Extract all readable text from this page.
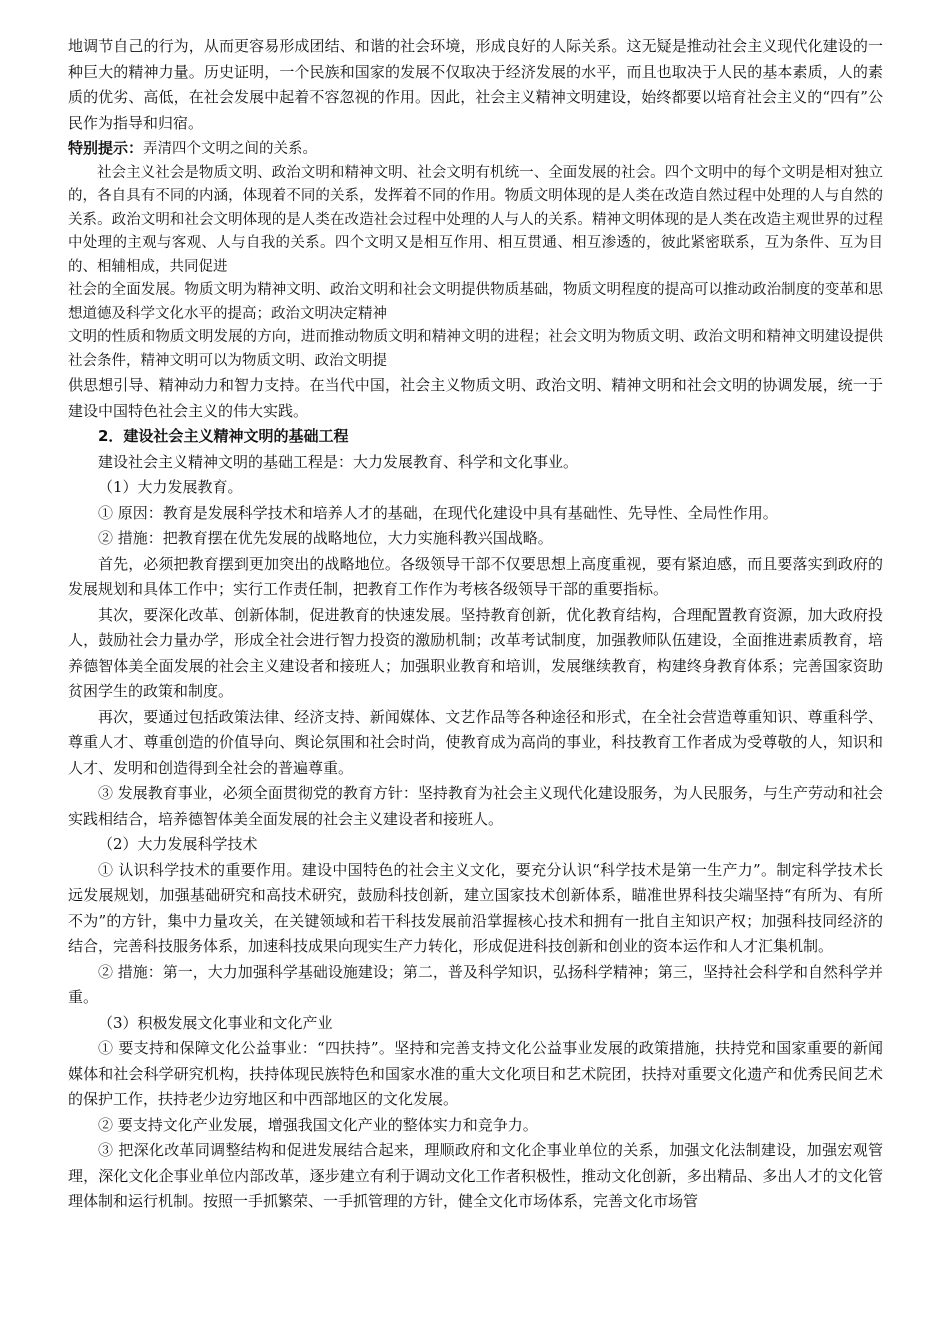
地调节自己的行为，从而更容易形成团结、和谐的社会环境，形成良好的人际关系。这无疑是推动社会主义现代化建设的一种巨大的精神力量。历史证明，一个民族和国家的发展不仅取决于经济发展的水平，而且也取决于人民的基本素质，人的素质的优劣、高低，在社会发展中起着不容忽视的作用。因此，社会主义精神文明建设，始终都要以培育社会主义的“四有”公民作为指导和归宿。

特别提示：弄清四个文明之间的关系。

社会主义社会是物质文明、政治文明和精神文明、社会文明有机统一、全面发展的社会。四个文明中的每个文明是相对独立的，各自具有不同的内涵，体现着不同的关系，发挥着不同的作用。物质文明体现的是人类在改造自然过程中处理的人与自然的关系。政治文明和社会文明体现的是人类在改造社会过程中处理的人与人的关系。精神文明体现的是人类在改造主观世界的过程中处理的主观与客观、人与自我的关系。四个文明又是相互作用、相互贯通、相互渗透的，彼此紧密联系，互为条件、互为目的、相辅相成，共同促进

社会的全面发展。物质文明为精神文明、政治文明和社会文明提供物质基础，物质文明程度的提高可以推动政治制度的变革和思想道德及科学文化水平的提高；政治文明决定精神

文明的性质和物质文明发展的方向，进而推动物质文明和精神文明的进程；社会文明为物质文明、政治文明和精神文明建设提供社会条件，精神文明可以为物质文明、政治文明提

供思想引导、精神动力和智力支持。在当代中国，社会主义物质文明、政治文明、精神文明和社会文明的协调发展，统一于建设中国特色社会主义的伟大实践。

2．建设社会主义精神文明的基础工程

建设社会主义精神文明的基础工程是：大力发展教育、科学和文化事业。

（1）大力发展教育。

① 原因：教育是发展科学技术和培养人才的基础，在现代化建设中具有基础性、先导性、全局性作用。

② 措施：把教育摆在优先发展的战略地位，大力实施科教兴国战略。

首先，必须把教育摆到更加突出的战略地位。各级领导干部不仅要思想上高度重视，要有紧迫感，而且要落实到政府的发展规划和具体工作中；实行工作责任制，把教育工作作为考核各级领导干部的重要指标。

其次，要深化改革、创新体制，促进教育的快速发展。坚持教育创新，优化教育结构，合理配置教育资源，加大政府投人，鼓励社会力量办学，形成全社会进行智力投资的激励机制；改革考试制度，加强教师队伍建设，全面推进素质教育，培养德智体美全面发展的社会主义建设者和接班人；加强职业教育和培训，发展继续教育，构建终身教育体系；完善国家资助贫困学生的政策和制度。

再次，要通过包括政策法律、经济支持、新闻媒体、文艺作品等各种途径和形式，在全社会营造尊重知识、尊重科学、尊重人才、尊重创造的价值导向、舆论氛围和社会时尚，使教育成为高尚的事业，科技教育工作者成为受尊敬的人，知识和人才、发明和创造得到全社会的普遍尊重。

③ 发展教育事业，必须全面贯彻党的教育方针：坚持教育为社会主义现代化建设服务，为人民服务，与生产劳动和社会实践相结合，培养德智体美全面发展的社会主义建设者和接班人。

（2）大力发展科学技术

① 认识科学技术的重要作用。建设中国特色的社会主义文化，要充分认识“科学技术是第一生产力”。制定科学技术长远发展规划，加强基础研究和高技术研究，鼓励科技创新，建立国家技术创新体系，瞄准世界科技尖端坚持“有所为、有所不为”的方针，集中力量攻关，在关键领域和若干科技发展前沿掌握核心技术和拥有一批自主知识产权；加强科技同经济的结合，完善科技服务体系，加速科技成果向现实生产力转化，形成促进科技创新和创业的资本运作和人才汇集机制。

② 措施：第一，大力加强科学基础设施建设；第二，普及科学知识，弘扬科学精神；第三，坚持社会科学和自然科学并重。

（3）积极发展文化事业和文化产业

① 要支持和保障文化公益事业：“四扶持”。坚持和完善支持文化公益事业发展的政策措施，扶持党和国家重要的新闻媒体和社会科学研究机构，扶持体现民族特色和国家水准的重大文化项目和艺术院团，扶持对重要文化遗产和优秀民间艺术的保护工作，扶持老少边穷地区和中西部地区的文化发展。

② 要支持文化产业发展，增强我国文化产业的整体实力和竞争力。

③ 把深化改革同调整结构和促进发展结合起来，理顺政府和文化企事业单位的关系，加强文化法制建设，加强宏观管理，深化文化企事业单位内部改革，逐步建立有利于调动文化工作者积极性，推动文化创新，多出精品、多出人才的文化管理体制和运行机制。按照一手抓繁荣、一手抓管理的方针，健全文化市场体系，完善文化市场管
